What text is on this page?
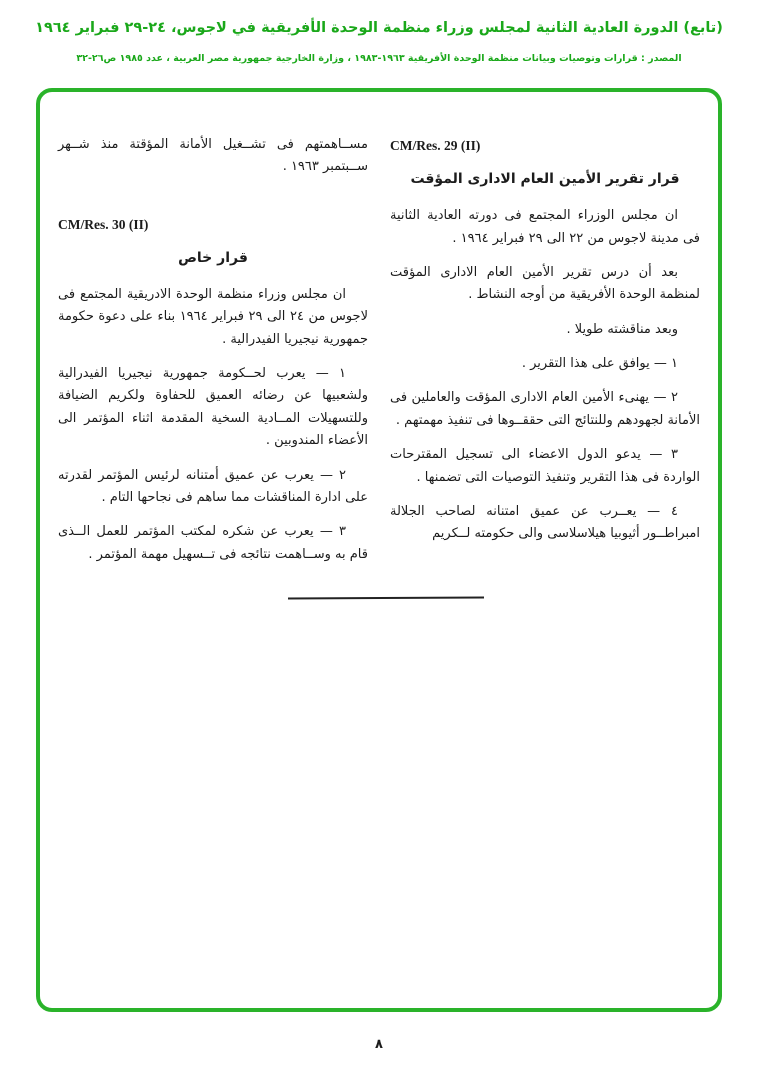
(تابع) الدورة العادية الثانية لمجلس وزراء منظمة الوحدة الأفريقية في لاجوس، ٢٤-٢٩ فبراير ١٩٦٤
المصدر : قرارات وتوصيات وبيانات منظمة الوحدة الأفريقية ١٩٦٣-١٩٨٣ ، وزارة الخارجية جمهورية مصر العربية ، عدد ١٩٨٥ ص٢٦-٣٢
CM/Res. 29 (II)
قرار تقرير الأمين العام الادارى المؤقت

ان مجلس الوزراء المجتمع فى دورته العادية الثانية فى مدينة لاجوس من ٢٢ الى ٢٩ فبراير ١٩٦٤ .

بعد أن درس تقرير الأمين العام الادارى المؤقت لمنظمة الوحدة الأفريقية من أوجه النشاط .

وبعد مناقشته طويلا .

١ — يوافق على هذا التقرير .

٢ — يهنىء الأمين العام الادارى المؤقت والعاملين فى الأمانة لجهودهم وللنتائج التى حققــوها فى تنفيذ مهمتهم .

٣ — يدعو الدول الاعضاء الى تسجيل المقترحات الواردة فى هذا التقرير وتنفيذ التوصيات التى تضمنها .

٤ — يعــرب عن عميق امتنانه لصاحب الجلالة امبراطــور أثيوبيا هيلاسلاسى والى حكومته لــكريم

مســاهمتهم فى تشــغيل الأمانة المؤقتة منذ شــهر ســبتمبر ١٩٦٣ .

CM/Res. 30 (II)
قرار خاص

ان مجلس وزراء منظمة الوحدة الادريقية المجتمع فى لاجوس من ٢٤ الى ٢٩ فبراير ١٩٦٤ بناء على دعوة حكومة جمهورية نيجيريا الفيدرالية .

١ — يعرب لحــكومة جمهورية نيجيريا الفيدرالية ولشعبيها عن رضائه العميق للحفاوة ولكريم الضيافة وللتسهيلات المــادية السخية المقدمة اثناء المؤتمر الى الأعضاء المندوبين .

٢ — يعرب عن عميق أمتنانه لرئيس المؤتمر لقدرته على ادارة المناقشات مما ساهم فى نجاحها التام .

٣ — يعرب عن شكره لمكتب المؤتمر للعمل الــذى قام به وســاهمت نتائجه فى تــسهيل مهمة المؤتمر .

٨
